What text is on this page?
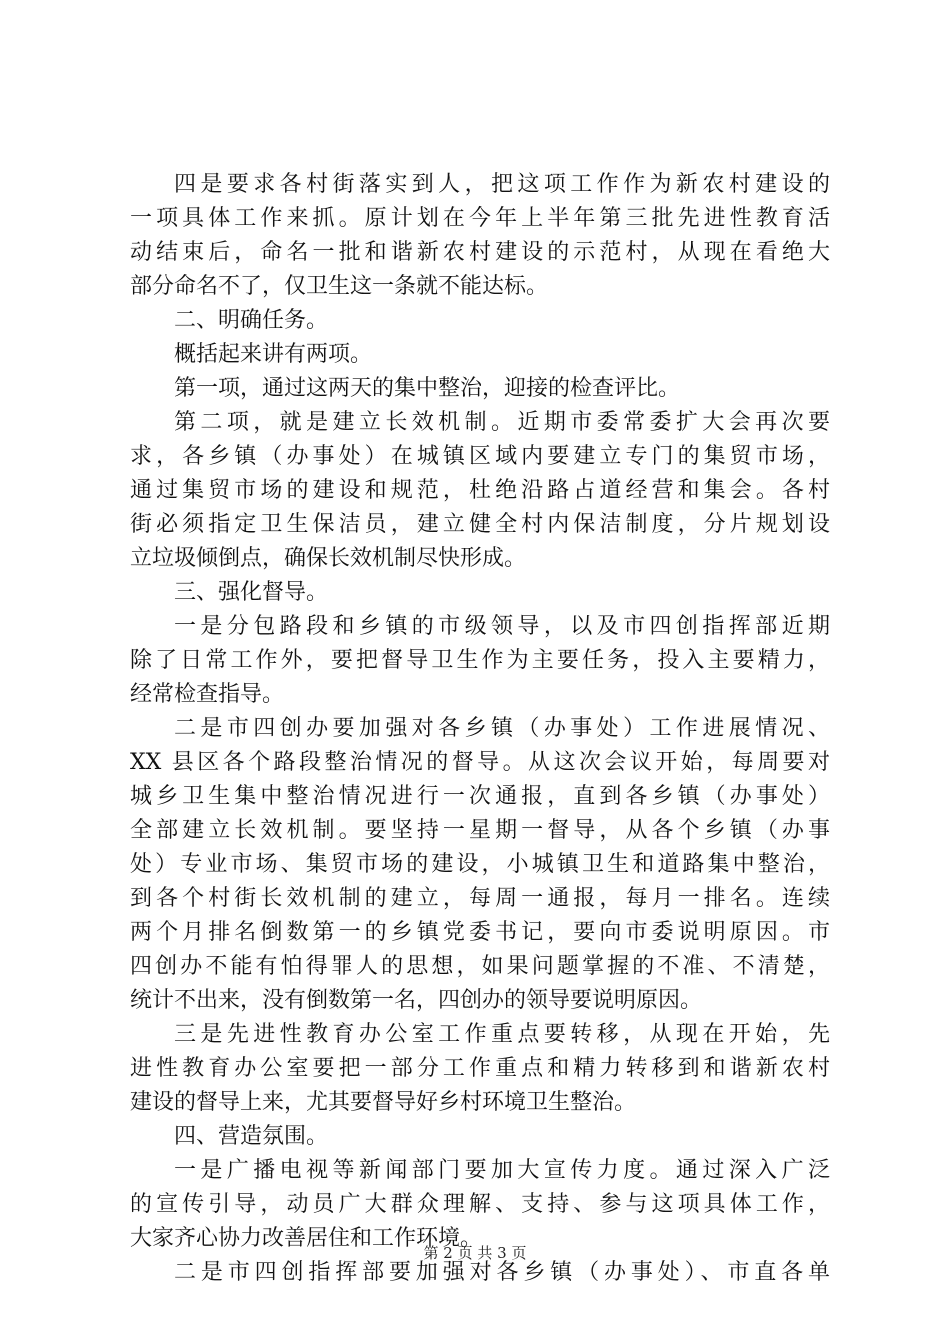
四是要求各村街落实到人，把这项工作作为新农村建设的
一项具体工作来抓。原计划在今年上半年第三批先进性教育活
动结束后，命名一批和谐新农村建设的示范村，从现在看绝大
部分命名不了，仅卫生这一条就不能达标。
二、明确任务。
概括起来讲有两项。
第一项，通过这两天的集中整治，迎接的检查评比。
第二项，就是建立长效机制。近期市委常委扩大会再次要
求，各乡镇（办事处）在城镇区域内要建立专门的集贸市场，
通过集贸市场的建设和规范，杜绝沿路占道经营和集会。各村
街必须指定卫生保洁员，建立健全村内保洁制度，分片规划设
立垃圾倾倒点，确保长效机制尽快形成。
三、强化督导。
一是分包路段和乡镇的市级领导，以及市四创指挥部近期
除了日常工作外，要把督导卫生作为主要任务，投入主要精力，
经常检查指导。
二是市四创办要加强对各乡镇（办事处）工作进展情况、
XX 县区各个路段整治情况的督导。从这次会议开始，每周要对
城乡卫生集中整治情况进行一次通报，直到各乡镇（办事处）
全部建立长效机制。要坚持一星期一督导，从各个乡镇（办事
处）专业市场、集贸市场的建设，小城镇卫生和道路集中整治，
到各个村街长效机制的建立，每周一通报，每月一排名。连续
两个月排名倒数第一的乡镇党委书记，要向市委说明原因。市
四创办不能有怕得罪人的思想，如果问题掌握的不准、不清楚，
统计不出来，没有倒数第一名，四创办的领导要说明原因。
三是先进性教育办公室工作重点要转移，从现在开始，先
进性教育办公室要把一部分工作重点和精力转移到和谐新农村
建设的督导上来，尤其要督导好乡村环境卫生整治。
四、营造氛围。
一是广播电视等新闻部门要加大宣传力度。通过深入广泛
的宣传引导，动员广大群众理解、支持、参与这项具体工作，
大家齐心协力改善居住和工作环境。
二是市四创指挥部要加强对各乡镇（办事处）、市直各单
第 2 页 共 3 页
